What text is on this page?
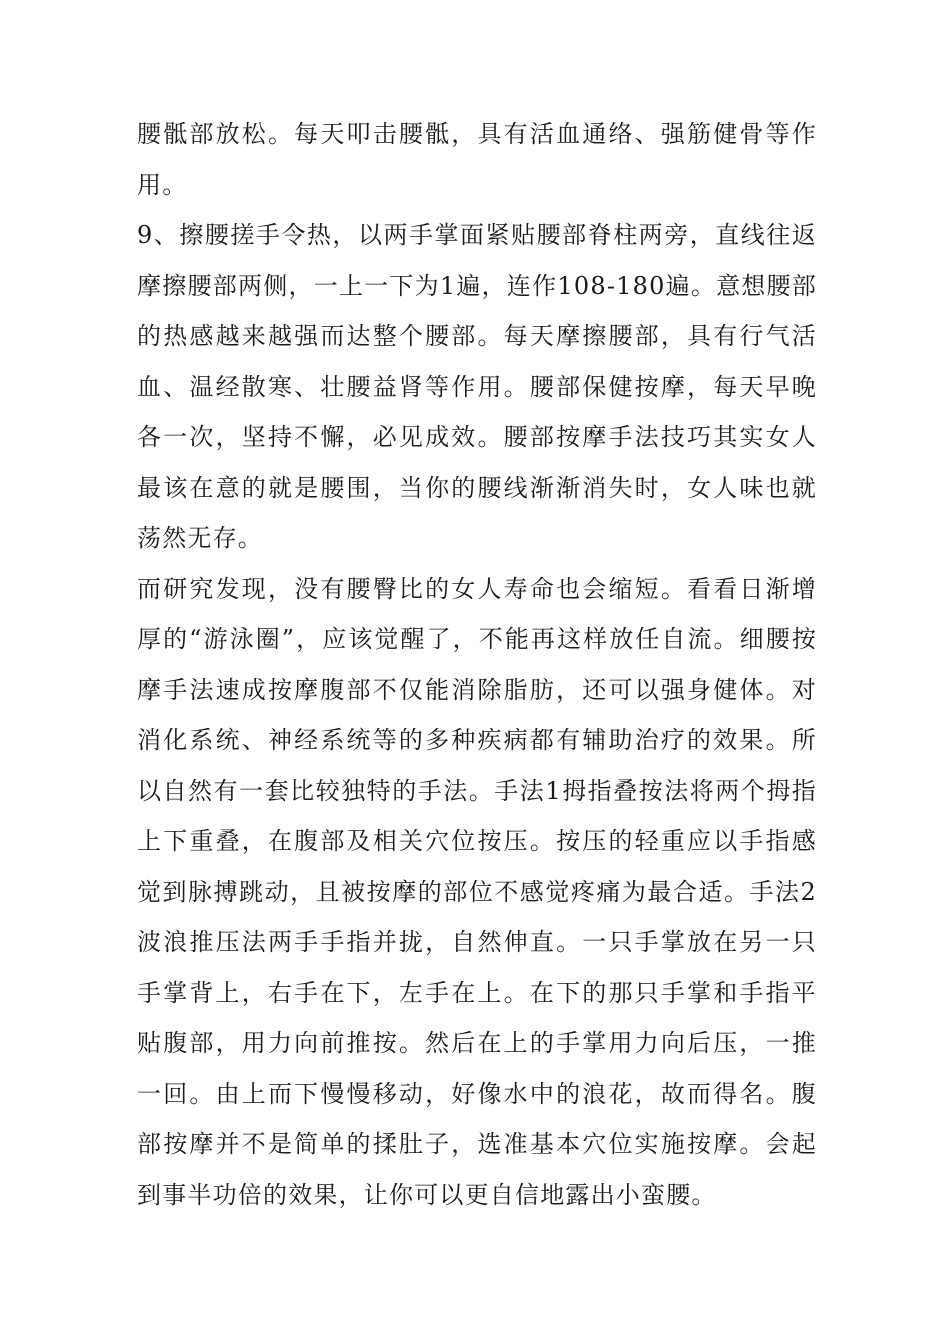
腰骶部放松。每天叩击腰骶，具有活血通络、强筋健骨等作用。

9、擦腰搓手令热，以两手掌面紧贴腰部脊柱两旁，直线往返摩擦腰部两侧，一上一下为1遍，连作108-180遍。意想腰部的热感越来越强而达整个腰部。每天摩擦腰部，具有行气活血、温经散寒、壮腰益肾等作用。腰部保健按摩，每天早晚各一次，坚持不懈，必见成效。腰部按摩手法技巧其实女人最该在意的就是腰围，当你的腰线渐渐消失时，女人味也就荡然无存。

而研究发现，没有腰臀比的女人寿命也会缩短。看看日渐增厚的“游泳圈”，应该觉醒了，不能再这样放任自流。细腰按摩手法速成按摩腹部不仅能消除脂肪，还可以强身健体。对消化系统、神经系统等的多种疾病都有辅助治疗的效果。所以自然有一套比较独特的手法。手法1拇指叠按法将两个拇指上下重叠，在腹部及相关穴位按压。按压的轻重应以手指感觉到脉搏跳动，且被按摩的部位不感觉疼痛为最合适。手法2波浪推压法两手手指并拢，自然伸直。一只手掌放在另一只手掌背上，右手在下，左手在上。在下的那只手掌和手指平贴腹部，用力向前推按。然后在上的手掌用力向后压，一推一回。由上而下慢慢移动，好像水中的浪花，故而得名。腹部按摩并不是简单的揉肚子，选准基本穴位实施按摩。会起到事半功倍的效果，让你可以更自信地露出小蛮腰。
